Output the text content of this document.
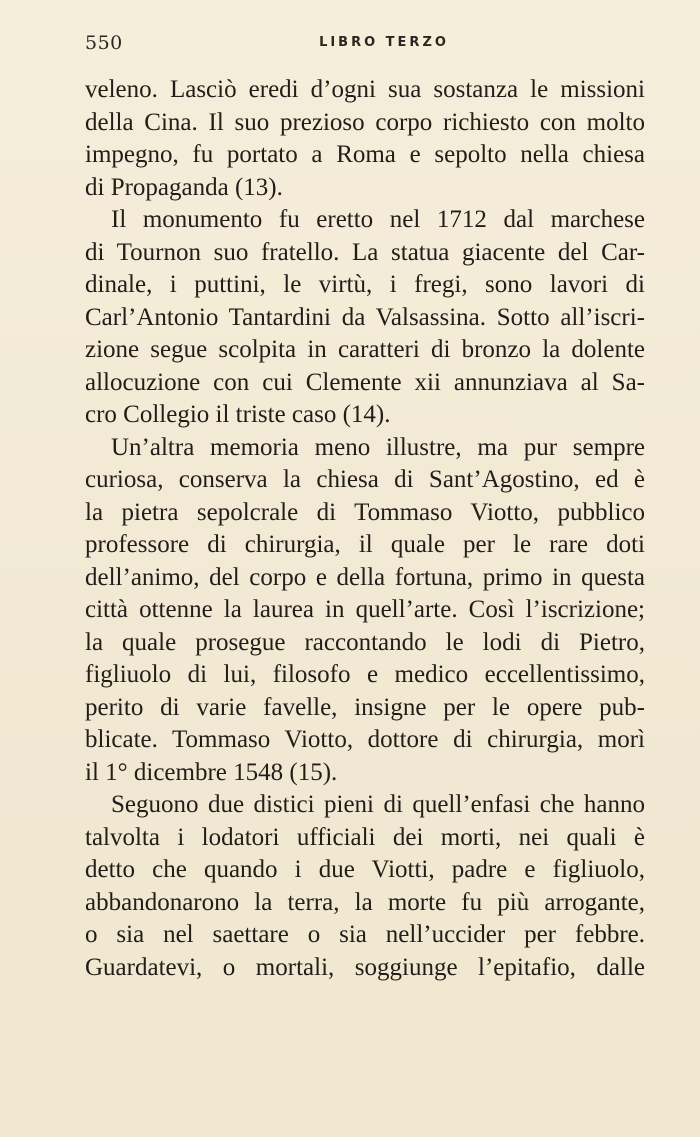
550	LIBRO TERZO
veleno. Lasciò eredi d’ogni sua sostanza le missioni
della Cina. Il suo prezioso corpo richiesto con molto
impegno, fu portato a Roma e sepolto nella chiesa
di Propaganda (13).
Il monumento fu eretto nel 1712 dal marchese
di Tournon suo fratello. La statua giacente del Car-
dinale, i puttini, le virtù, i fregi, sono lavori di
Carl’Antonio Tantardini da Valsassina. Sotto all’iscri-
zione segue scolpita in caratteri di bronzo la dolente
allocuzione con cui Clemente xii annunziava al Sa-
cro Collegio il triste caso (14).
Un’altra memoria meno illustre, ma pur sempre
curiosa, conserva la chiesa di Sant’Agostino, ed è
la pietra sepolcrale di Tommaso Viotto, pubblico
professore di chirurgia, il quale per le rare doti
dell’animo, del corpo e della fortuna, primo in questa
città ottenne la laurea in quell’arte. Così l’iscrizione;
la quale prosegue raccontando le lodi di Pietro,
figliuolo di lui, filosofo e medico eccellentissimo,
perito di varie favelle, insigne per le opere pub-
blicate. Tommaso Viotto, dottore di chirurgia, morì
il 1° dicembre 1548 (15).
Seguono due distici pieni di quell’enfasi che hanno
talvolta i lodatori ufficiali dei morti, nei quali è
detto che quando i due Viotti, padre e figliuolo,
abbandonarono la terra, la morte fu più arrogante,
o sia nel saettare o sia nell’uccider per febbre.
Guardatevi, o mortali, soggiunge l’epitafio, dalle
